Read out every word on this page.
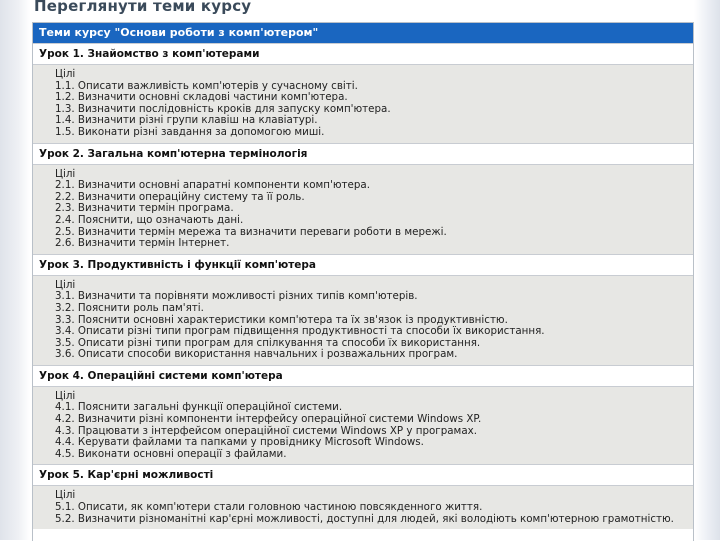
Переглянути теми курсу
Теми курсу "Основи роботи з комп'ютером"
Урок 1. Знайомство з комп'ютерами
Цілі
1.1. Описати важливість комп'ютерів у сучасному світі.
1.2. Визначити основні складові частини комп'ютера.
1.3. Визначити послідовність кроків для запуску комп'ютера.
1.4. Визначити різні групи клавіш на клавіатурі.
1.5. Виконати різні завдання за допомогою миші.
Урок 2. Загальна комп'ютерна термінологія
Цілі
2.1. Визначити основні апаратні компоненти комп'ютера.
2.2. Визначити операційну систему та її роль.
2.3. Визначити термін програма.
2.4. Пояснити, що означають дані.
2.5. Визначити термін мережа та визначити переваги роботи в мережі.
2.6. Визначити термін Інтернет.
Урок 3. Продуктивність і функції комп'ютера
Цілі
3.1. Визначити та порівняти можливості різних типів комп'ютерів.
3.2. Пояснити роль пам'яті.
3.3. Пояснити основні характеристики комп'ютера та їх зв'язок із продуктивністю.
3.4. Описати різні типи програм підвищення продуктивності та способи їх використання.
3.5. Описати різні типи програм для спілкування та способи їх використання.
3.6. Описати способи використання навчальних і розважальних програм.
Урок 4. Операційні системи комп'ютера
Цілі
4.1. Пояснити загальні функції операційної системи.
4.2. Визначити різні компоненти інтерфейсу операційної системи Windows XP.
4.3. Працювати з інтерфейсом операційної системи Windows XP у програмах.
4.4. Керувати файлами та папками у провіднику Microsoft Windows.
4.5. Виконати основні операції з файлами.
Урок 5. Кар'єрні можливості
Цілі
5.1. Описати, як комп'ютери стали головною частиною повсякденного життя.
5.2. Визначити різноманітні кар'єрні можливості, доступні для людей, які володіють комп'ютерною грамотністю.
